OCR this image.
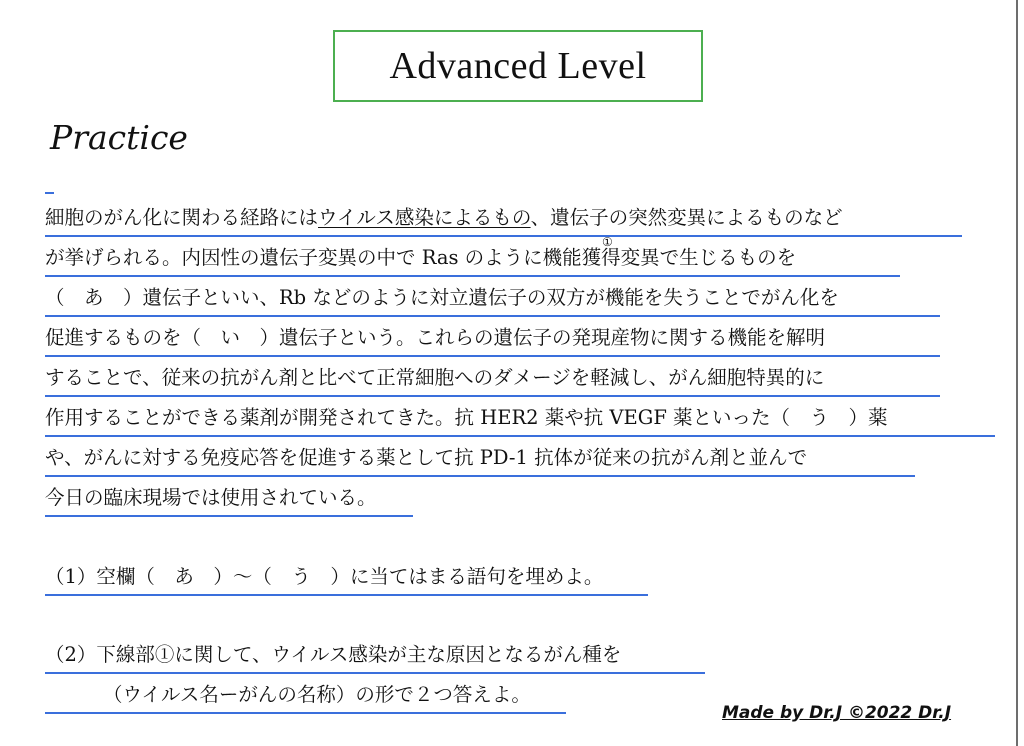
Advanced Level
Practice
細胞のがん化に関わる経路にはウイルス感染によるもの、遺伝子の突然変異によるものなど
①
が挙げられる。内因性の遺伝子変異の中で Ras のように機能獲得変異で生じるものを
（　あ　）遺伝子といい、Rb などのように対立遺伝子の双方が機能を失うことでがん化を
促進するものを（　い　）遺伝子という。これらの遺伝子の発現産物に関する機能を解明
することで、従来の抗がん剤と比べて正常細胞へのダメージを軽減し、がん細胞特異的に
作用することができる薬剤が開発されてきた。抗 HER2 薬や抗 VEGF 薬といった（　う　）薬
や、がんに対する免疫応答を促進する薬として抗 PD-1 抗体が従来の抗がん剤と並んで
今日の臨床現場では使用されている。
（1）空欄（　あ　）〜（　う　）に当てはまる語句を埋めよ。
（2）下線部①に関して、ウイルス感染が主な原因となるがん種を
（ウイルス名ーがんの名称）の形で２つ答えよ。
Made by Dr.J ©2022 Dr.J
